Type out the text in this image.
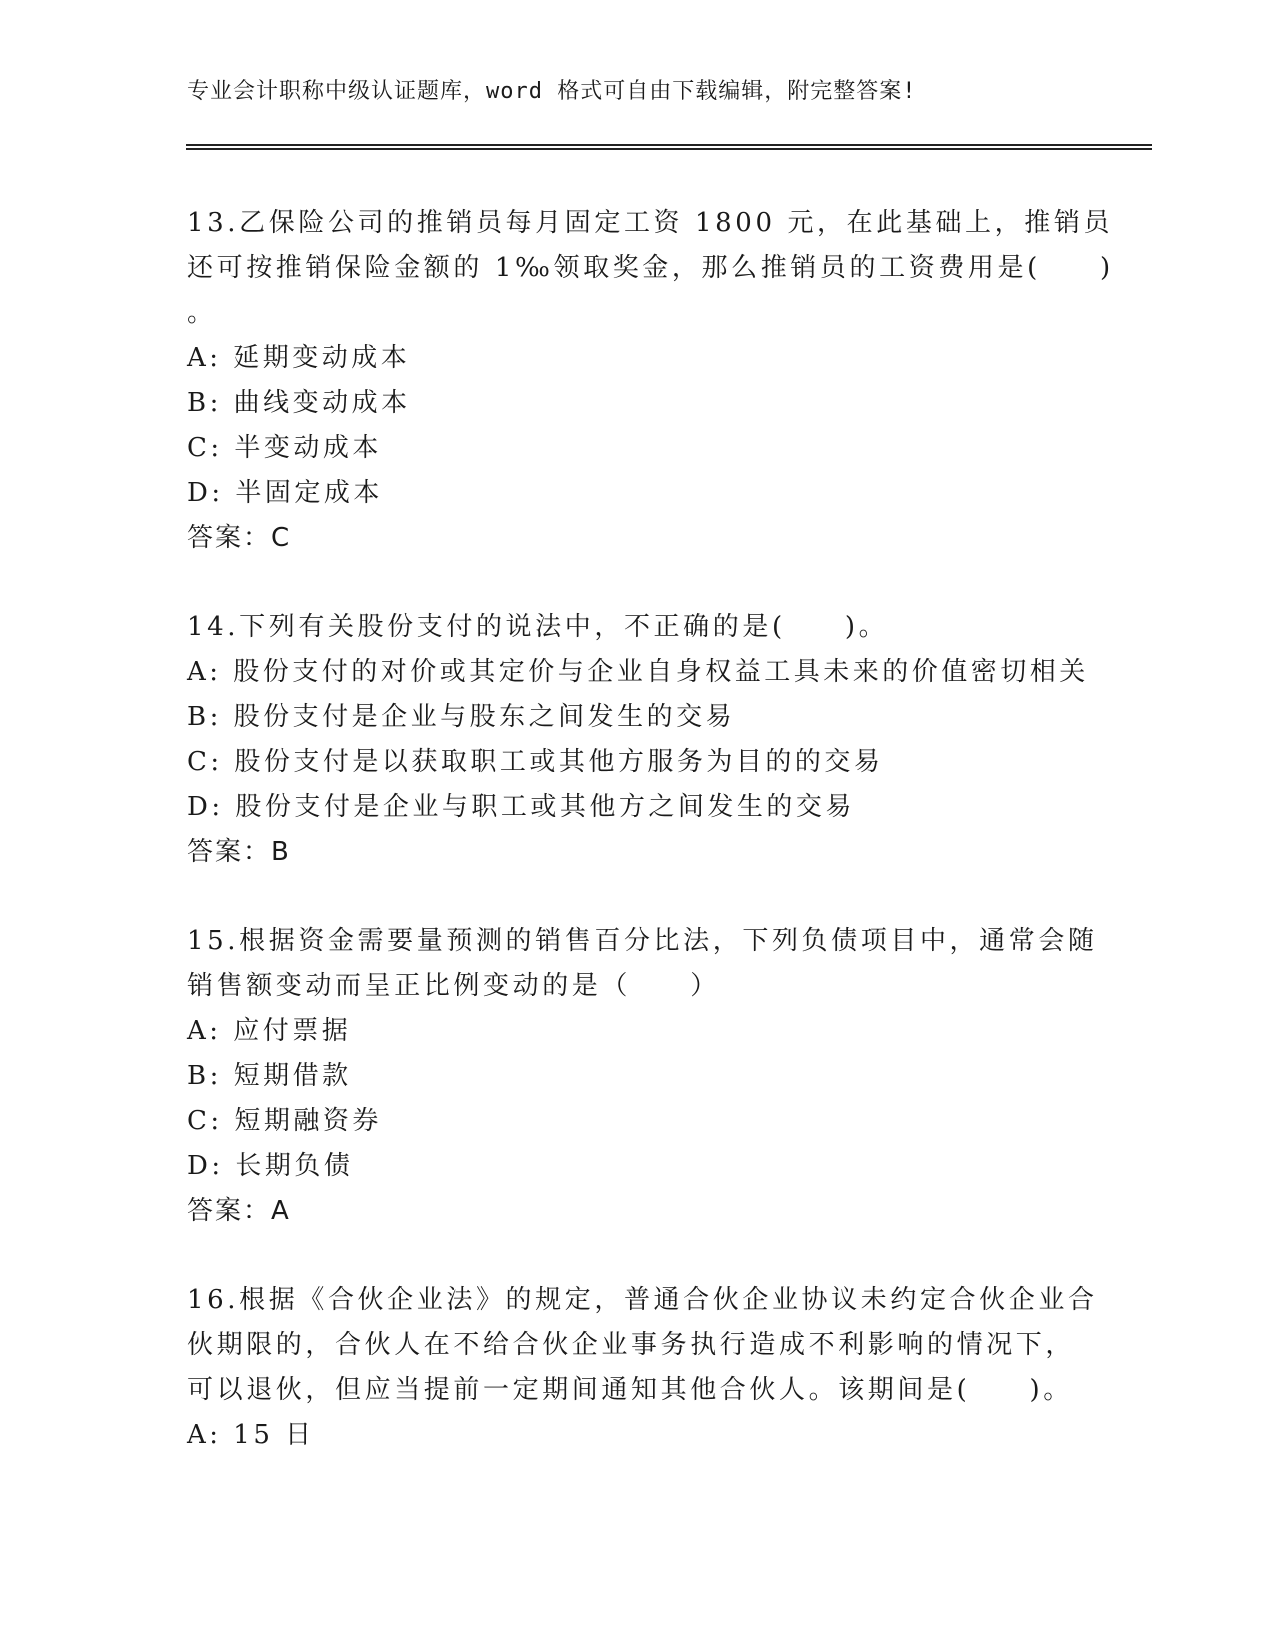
专业会计职称中级认证题库，word 格式可自由下载编辑，附完整答案!
13.乙保险公司的推销员每月固定工资 1800 元，在此基础上，推销员
还可按推销保险金额的 1‰领取奖金，那么推销员的工资费用是(　　)
。
A: 延期变动成本
B: 曲线变动成本
C: 半变动成本
D: 半固定成本
答案：C
14.下列有关股份支付的说法中，不正确的是(　　)。
A: 股份支付的对价或其定价与企业自身权益工具未来的价值密切相关
B: 股份支付是企业与股东之间发生的交易
C: 股份支付是以获取职工或其他方服务为目的的交易
D: 股份支付是企业与职工或其他方之间发生的交易
答案：B
15.根据资金需要量预测的销售百分比法，下列负债项目中，通常会随
销售额变动而呈正比例变动的是（　　）
A: 应付票据
B: 短期借款
C: 短期融资券
D: 长期负债
答案：A
16.根据《合伙企业法》的规定，普通合伙企业协议未约定合伙企业合
伙期限的，合伙人在不给合伙企业事务执行造成不利影响的情况下，
可以退伙，但应当提前一定期间通知其他合伙人。该期间是(　　)。
A: 15 日
